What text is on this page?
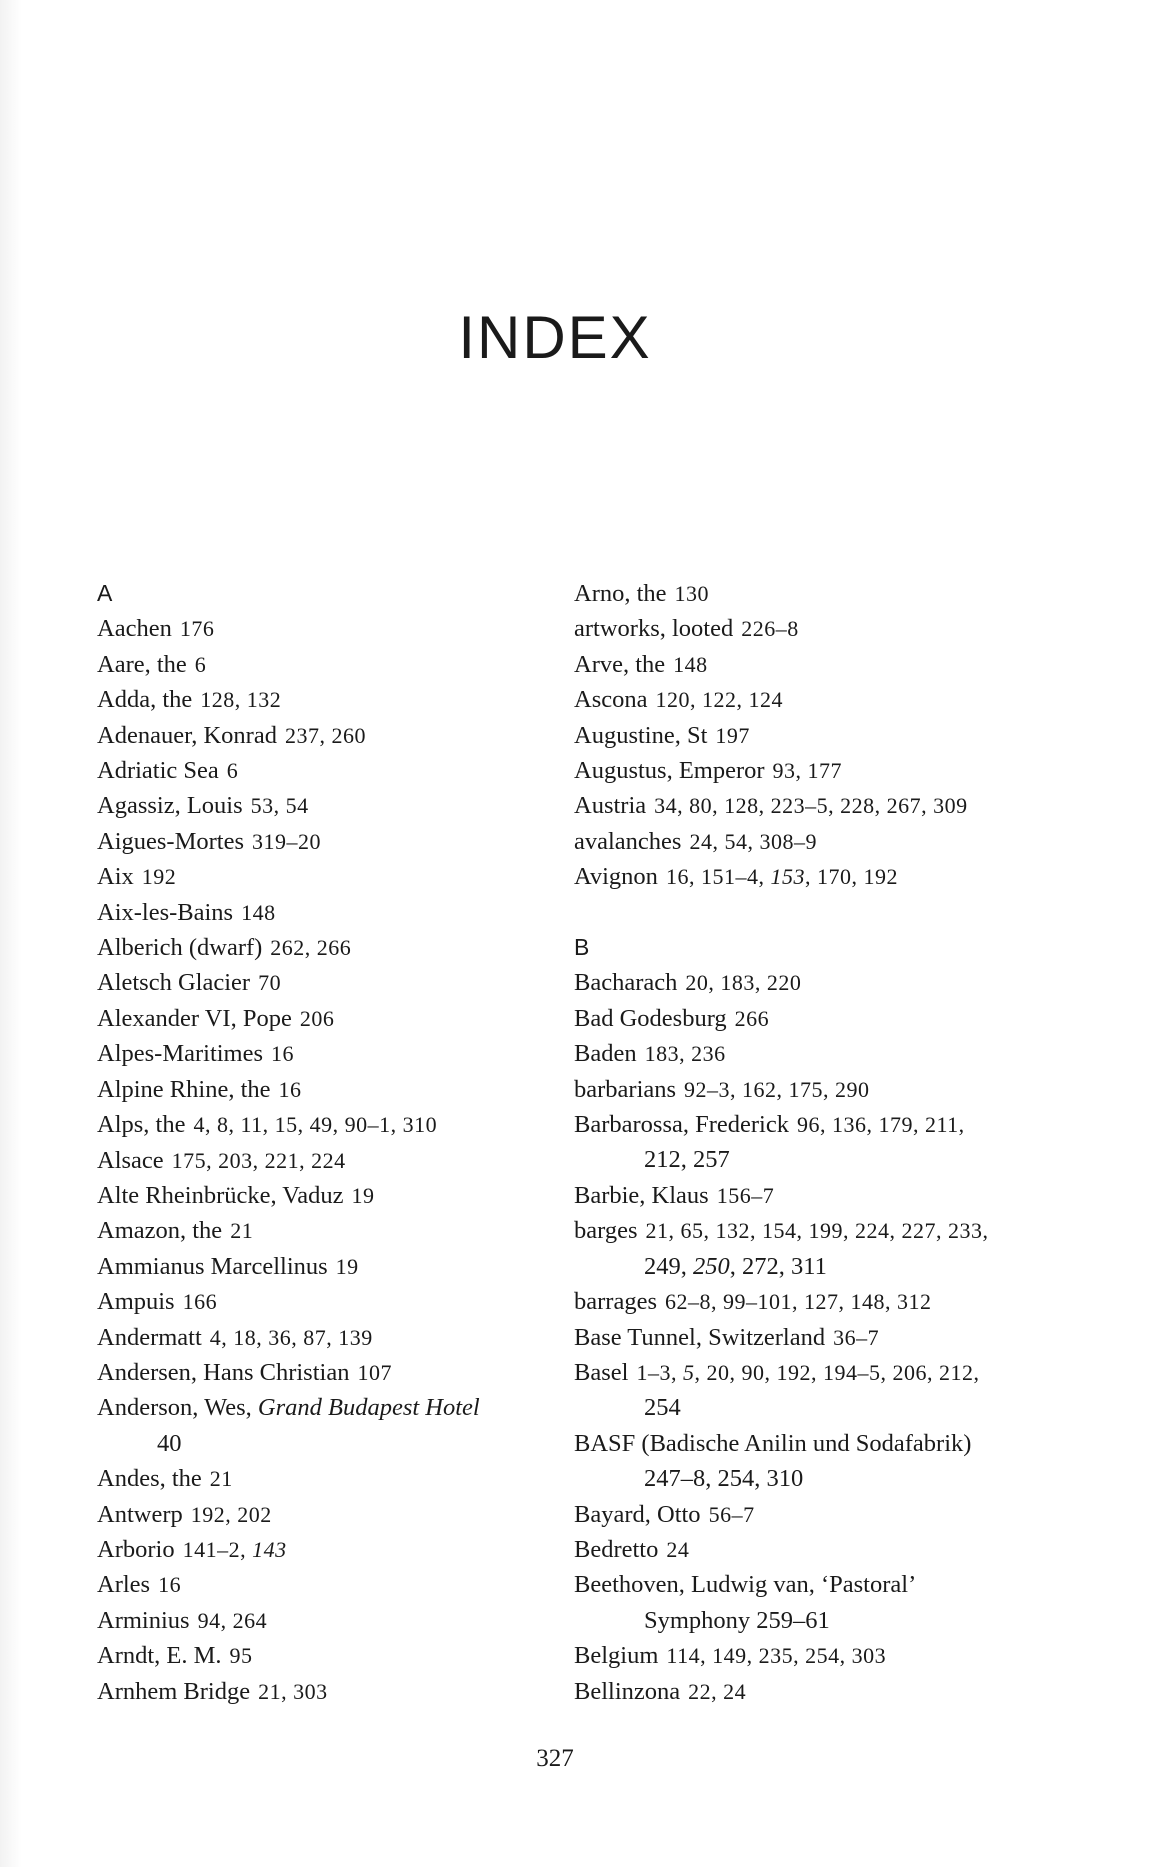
INDEX
A
Aachen 176
Aare, the 6
Adda, the 128, 132
Adenauer, Konrad 237, 260
Adriatic Sea 6
Agassiz, Louis 53, 54
Aigues-Mortes 319–20
Aix 192
Aix-les-Bains 148
Alberich (dwarf) 262, 266
Aletsch Glacier 70
Alexander VI, Pope 206
Alpes-Maritimes 16
Alpine Rhine, the 16
Alps, the 4, 8, 11, 15, 49, 90–1, 310
Alsace 175, 203, 221, 224
Alte Rheinbrücke, Vaduz 19
Amazon, the 21
Ammianus Marcellinus 19
Ampuis 166
Andermatt 4, 18, 36, 87, 139
Andersen, Hans Christian 107
Anderson, Wes, Grand Budapest Hotel
40
Andes, the 21
Antwerp 192, 202
Arborio 141–2, 143
Arles 16
Arminius 94, 264
Arndt, E. M. 95
Arnhem Bridge 21, 303
Arno, the 130
artworks, looted 226–8
Arve, the 148
Ascona 120, 122, 124
Augustine, St 197
Augustus, Emperor 93, 177
Austria 34, 80, 128, 223–5, 228, 267, 309
avalanches 24, 54, 308–9
Avignon 16, 151–4, 153, 170, 192
B
Bacharach 20, 183, 220
Bad Godesburg 266
Baden 183, 236
barbarians 92–3, 162, 175, 290
Barbarossa, Frederick 96, 136, 179, 211,
212, 257
Barbie, Klaus 156–7
barges 21, 65, 132, 154, 199, 224, 227, 233,
249, 250, 272, 311
barrages 62–8, 99–101, 127, 148, 312
Base Tunnel, Switzerland 36–7
Basel 1–3, 5, 20, 90, 192, 194–5, 206, 212,
254
BASF (Badische Anilin und Sodafabrik)
247–8, 254, 310
Bayard, Otto 56–7
Bedretto 24
Beethoven, Ludwig van, ‘Pastoral’
Symphony 259–61
Belgium 114, 149, 235, 254, 303
Bellinzona 22, 24
327
